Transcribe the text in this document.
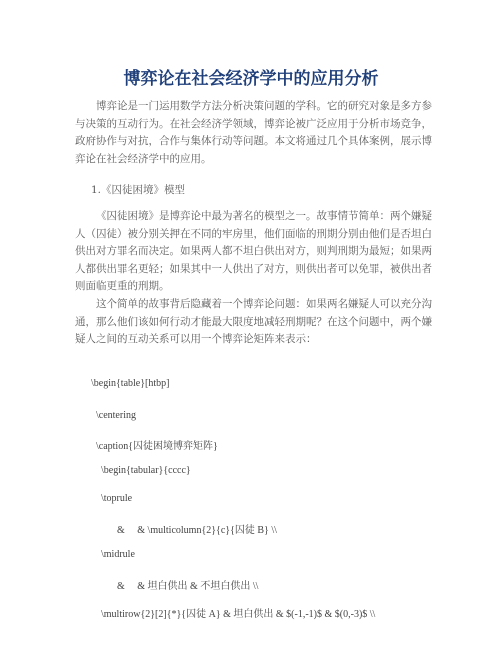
博弈论在社会经济学中的应用分析

博弈论是一门运用数学方法分析决策问题的学科。它的研究对象是多方参与决策的互动行为。在社会经济学领域，博弈论被广泛应用于分析市场竞争，政府协作与对抗，合作与集体行动等问题。本文将通过几个具体案例，展示博弈论在社会经济学中的应用。

1.《囚徒困境》模型

《囚徒困境》是博弈论中最为著名的模型之一。故事情节简单：两个嫌疑人（囚徒）被分别关押在不同的牢房里，他们面临的刑期分别由他们是否坦白供出对方罪名而决定。如果两人都不坦白供出对方，则判刑期为最短；如果两人都供出罪名更轻；如果其中一人供出了对方，则供出者可以免罪，被供出者则面临更重的刑期。

这个简单的故事背后隐藏着一个博弈论问题：如果两名嫌疑人可以充分沟通，那么他们该如何行动才能最大限度地减轻刑期呢？在这个问题中，两个嫌疑人之间的互动关系可以用一个博弈论矩阵来表示：

\begin{table}[htbp]
\centering
\caption{囚徒困境博弈矩阵}
\begin{tabular}{cccc}
\toprule
&     & \multicolumn{2}{c}{囚徒 B} \\
\midrule
&     & 坦白供出 & 不坦白供出 \\
\multirow{2}[2]{*}{囚徒 A} & 坦白供出 & $(-1,-1)$ & $(0,-3)$ \\
